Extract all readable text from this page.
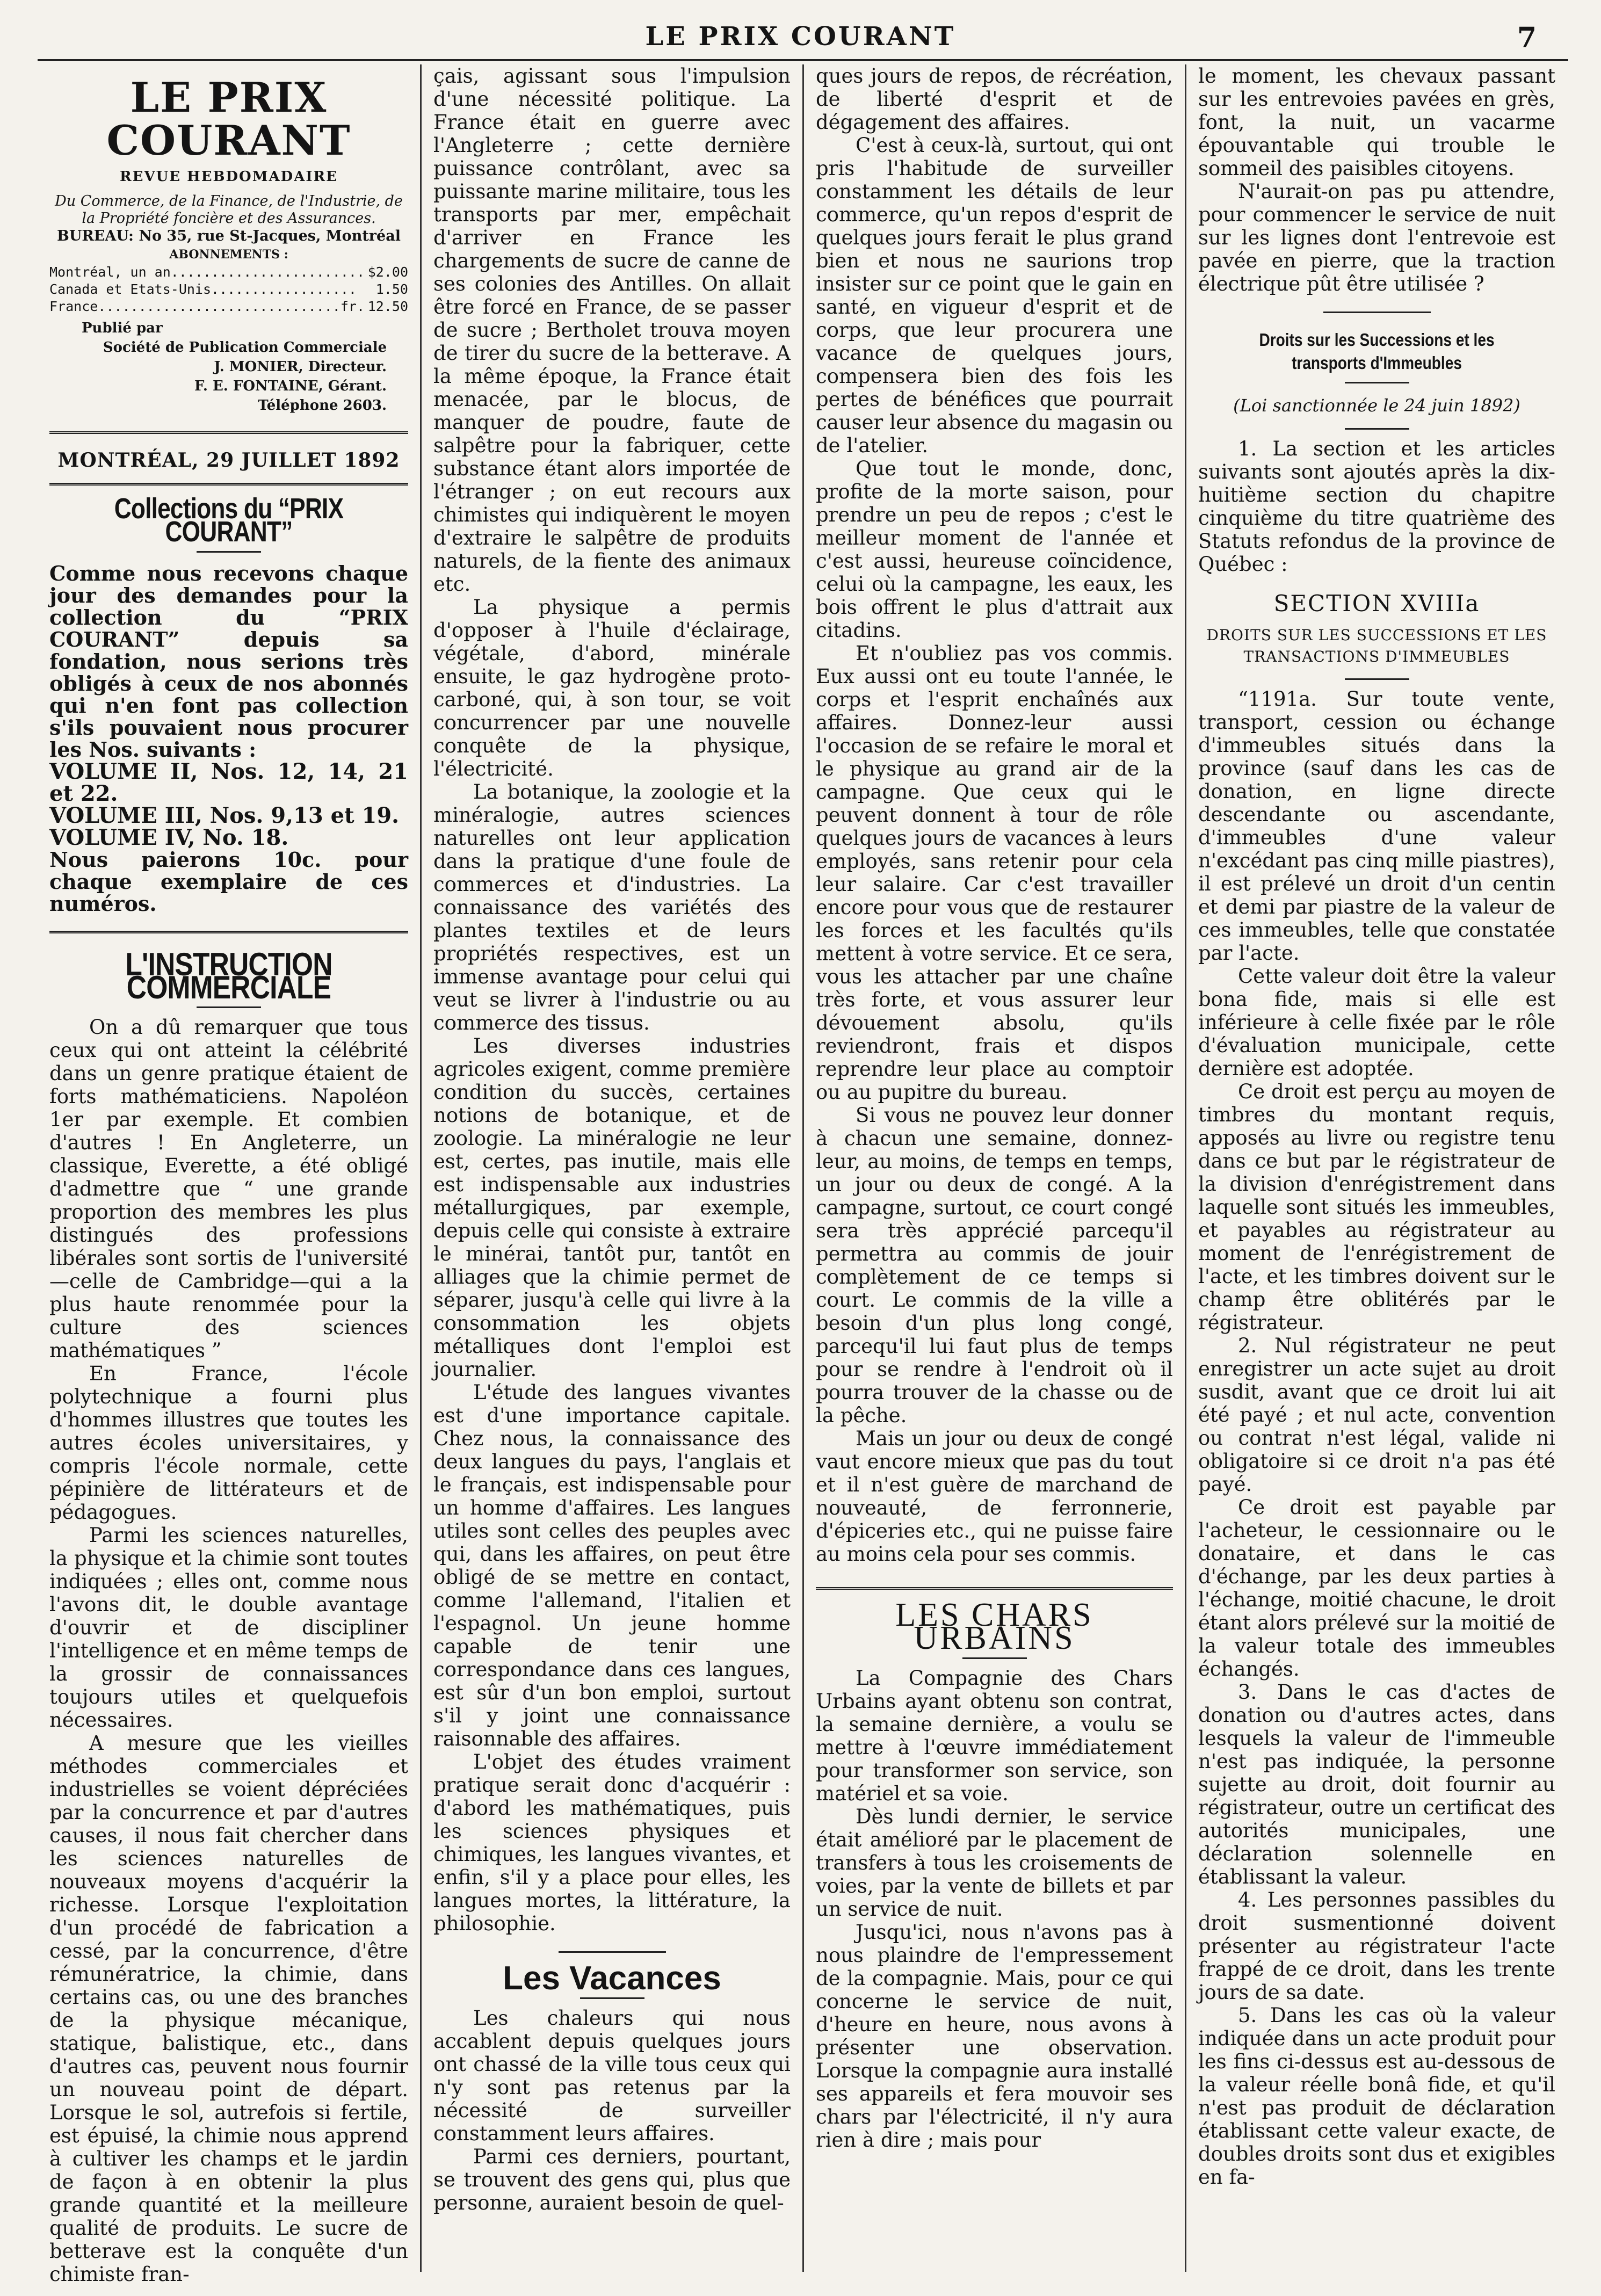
LE PRIX COURANT	7
LE PRIX COURANT
REVUE HEBDOMADAIRE
Du Commerce, de la Finance, de l'Industrie, de la Propriété foncière et des Assurances.
BUREAU: No 35, rue St-Jacques, Montréal
ABONNEMENTS :
Montréal, un an........................ $2.00
Canada et Etats-Unis.................. 1.50
France..............................fr. 12.50
Publié par
Société de Publication Commerciale
J. MONIER, Directeur.
F. E. FONTAINE, Gérant.
Téléphone 2603.
MONTRÉAL, 29 JUILLET 1892
Collections du “PRIX COURANT”
Comme nous recevons chaque jour des demandes pour la collection du “PRIX COURANT” depuis sa fondation, nous serions très obligés à ceux de nos abonnés qui n'en font pas collection s'ils pouvaient nous procurer les Nos. suivants :
VOLUME II, Nos. 12, 14, 21 et 22.
VOLUME III, Nos. 9,13 et 19.
VOLUME IV, No. 18.
Nous paierons 10c. pour chaque exemplaire de ces numéros.
L'INSTRUCTION COMMERCIALE

On a dû remarquer que tous ceux qui ont atteint la célébrité dans un genre pratique étaient de forts mathématiciens. Napoléon 1er par exemple. Et combien d'autres ! En Angleterre, un classique, Everette, a été obligé d'admettre que “ une grande proportion des membres les plus distingués des professions libérales sont sortis de l'université—celle de Cambridge—qui a la plus haute renommée pour la culture des sciences mathématiques ”

En France, l'école polytechnique a fourni plus d'hommes illustres que toutes les autres écoles universitaires, y compris l'école normale, cette pépinière de littérateurs et de pédagogues.

Parmi les sciences naturelles, la physique et la chimie sont toutes indiquées ; elles ont, comme nous l'avons dit, le double avantage d'ouvrir et de discipliner l'intelligence et en même temps de la grossir de connaissances toujours utiles et quelquefois nécessaires.

A mesure que les vieilles méthodes commerciales et industrielles se voient dépréciées par la concurrence et par d'autres causes, il nous fait chercher dans les sciences naturelles de nouveaux moyens d'acquérir la richesse. Lorsque l'exploitation d'un procédé de fabrication a cessé, par la concurrence, d'être rémunératrice, la chimie, dans certains cas, ou une des branches de la physique mécanique, statique, balistique, etc., dans d'autres cas, peuvent nous fournir un nouveau point de départ. Lorsque le sol, autrefois si fertile, est épuisé, la chimie nous apprend à cultiver les champs et le jardin de façon à en obtenir la plus grande quantité et la meilleure qualité de produits. Le sucre de betterave est la conquête d'un chimiste fran-

çais, agissant sous l'impulsion d'une nécessité politique. La France était en guerre avec l'Angleterre ; cette dernière puissance contrôlant, avec sa puissante marine militaire, tous les transports par mer, empêchait d'arriver en France les chargements de sucre de canne de ses colonies des Antilles. On allait être forcé en France, de se passer de sucre ; Bertholet trouva moyen de tirer du sucre de la betterave. A la même époque, la France était menacée, par le blocus, de manquer de poudre, faute de salpêtre pour la fabriquer, cette substance étant alors importée de l'étranger ; on eut recours aux chimistes qui indiquèrent le moyen d'extraire le salpêtre de produits naturels, de la fiente des animaux etc.

La physique a permis d'opposer à l'huile d'éclairage, végétale, d'abord, minérale ensuite, le gaz hydrogène proto-carboné, qui, à son tour, se voit concurrencer par une nouvelle conquête de la physique, l'électricité.

La botanique, la zoologie et la minéralogie, autres sciences naturelles ont leur application dans la pratique d'une foule de commerces et d'industries. La connaissance des variétés des plantes textiles et de leurs propriétés respectives, est un immense avantage pour celui qui veut se livrer à l'industrie ou au commerce des tissus.

Les diverses industries agricoles exigent, comme première condition du succès, certaines notions de botanique, et de zoologie. La minéralogie ne leur est, certes, pas inutile, mais elle est indispensable aux industries métallurgiques, par exemple, depuis celle qui consiste à extraire le minérai, tantôt pur, tantôt en alliages que la chimie permet de séparer, jusqu'à celle qui livre à la consommation les objets métalliques dont l'emploi est journalier.

L'étude des langues vivantes est d'une importance capitale. Chez nous, la connaissance des deux langues du pays, l'anglais et le français, est indispensable pour un homme d'affaires. Les langues utiles sont celles des peuples avec qui, dans les affaires, on peut être obligé de se mettre en contact, comme l'allemand, l'italien et l'espagnol. Un jeune homme capable de tenir une correspondance dans ces langues, est sûr d'un bon emploi, surtout s'il y joint une connaissance raisonnable des affaires.

L'objet des études vraiment pratique serait donc d'acquérir : d'abord les mathématiques, puis les sciences physiques et chimiques, les langues vivantes, et enfin, s'il y a place pour elles, les langues mortes, la littérature, la philosophie.

Les Vacances

Les chaleurs qui nous accablent depuis quelques jours ont chassé de la ville tous ceux qui n'y sont pas retenus par la nécessité de surveiller constamment leurs affaires.

Parmi ces derniers, pourtant, se trouvent des gens qui, plus que personne, auraient besoin de quel-

ques jours de repos, de récréation, de liberté d'esprit et de dégagement des affaires.

C'est à ceux-là, surtout, qui ont pris l'habitude de surveiller constamment les détails de leur commerce, qu'un repos d'esprit de quelques jours ferait le plus grand bien et nous ne saurions trop insister sur ce point que le gain en santé, en vigueur d'esprit et de corps, que leur procurera une vacance de quelques jours, compensera bien des fois les pertes de bénéfices que pourrait causer leur absence du magasin ou de l'atelier.

Que tout le monde, donc, profite de la morte saison, pour prendre un peu de repos ; c'est le meilleur moment de l'année et c'est aussi, heureuse coïncidence, celui où la campagne, les eaux, les bois offrent le plus d'attrait aux citadins.

Et n'oubliez pas vos commis. Eux aussi ont eu toute l'année, le corps et l'esprit enchaînés aux affaires. Donnez-leur aussi l'occasion de se refaire le moral et le physique au grand air de la campagne. Que ceux qui le peuvent donnent à tour de rôle quelques jours de vacances à leurs employés, sans retenir pour cela leur salaire. Car c'est travailler encore pour vous que de restaurer les forces et les facultés qu'ils mettent à votre service. Et ce sera, vous les attacher par une chaîne très forte, et vous assurer leur dévouement absolu, qu'ils reviendront, frais et dispos reprendre leur place au comptoir ou au pupitre du bureau.

Si vous ne pouvez leur donner à chacun une semaine, donnez-leur, au moins, de temps en temps, un jour ou deux de congé. A la campagne, surtout, ce court congé sera très apprécié parcequ'il permettra au commis de jouir complètement de ce temps si court. Le commis de la ville a besoin d'un plus long congé, parcequ'il lui faut plus de temps pour se rendre à l'endroit où il pourra trouver de la chasse ou de la pêche.

Mais un jour ou deux de congé vaut encore mieux que pas du tout et il n'est guère de marchand de nouveauté, de ferronnerie, d'épiceries etc., qui ne puisse faire au moins cela pour ses commis.

LES CHARS URBAINS

La Compagnie des Chars Urbains ayant obtenu son contrat, la semaine dernière, a voulu se mettre à l'œuvre immédiatement pour transformer son service, son matériel et sa voie.

Dès lundi dernier, le service était amélioré par le placement de transfers à tous les croisements de voies, par la vente de billets et par un service de nuit.

Jusqu'ici, nous n'avons pas à nous plaindre de l'empressement de la compagnie. Mais, pour ce qui concerne le service de nuit, d'heure en heure, nous avons à présenter une observation. Lorsque la compagnie aura installé ses appareils et fera mouvoir ses chars par l'électricité, il n'y aura rien à dire ; mais pour

le moment, les chevaux passant sur les entrevoies pavées en grès, font, la nuit, un vacarme épouvantable qui trouble le sommeil des paisibles citoyens.

N'aurait-on pas pu attendre, pour commencer le service de nuit sur les lignes dont l'entrevoie est pavée en pierre, que la traction électrique pût être utilisée ?

Droits sur les Successions et les transports d'Immeubles
(Loi sanctionnée le 24 juin 1892)

1. La section et les articles suivants sont ajoutés après la dix-huitième section du chapitre cinquième du titre quatrième des Statuts refondus de la province de Québec :

SECTION XVIIIa
DROITS SUR LES SUCCESSIONS ET LES TRANSACTIONS D'IMMEUBLES

“1191a. Sur toute vente, transport, cession ou échange d'immeubles situés dans la province (sauf dans les cas de donation, en ligne directe descendante ou ascendante, d'immeubles d'une valeur n'excédant pas cinq mille piastres), il est prélevé un droit d'un centin et demi par piastre de la valeur de ces immeubles, telle que constatée par l'acte.

Cette valeur doit être la valeur bona fide, mais si elle est inférieure à celle fixée par le rôle d'évaluation municipale, cette dernière est adoptée.

Ce droit est perçu au moyen de timbres du montant requis, apposés au livre ou registre tenu dans ce but par le régistrateur de la division d'enrégistrement dans laquelle sont situés les immeubles, et payables au régistrateur au moment de l'enrégistrement de l'acte, et les timbres doivent sur le champ être oblitérés par le régistrateur.

2. Nul régistrateur ne peut enregistrer un acte sujet au droit susdit, avant que ce droit lui ait été payé ; et nul acte, convention ou contrat n'est légal, valide ni obligatoire si ce droit n'a pas été payé.

Ce droit est payable par l'acheteur, le cessionnaire ou le donataire, et dans le cas d'échange, par les deux parties à l'échange, moitié chacune, le droit étant alors prélevé sur la moitié de la valeur totale des immeubles échangés.

3. Dans le cas d'actes de donation ou d'autres actes, dans lesquels la valeur de l'immeuble n'est pas indiquée, la personne sujette au droit, doit fournir au régistrateur, outre un certificat des autorités municipales, une déclaration solennelle en établissant la valeur.

4. Les personnes passibles du droit susmentionné doivent présenter au régistrateur l'acte frappé de ce droit, dans les trente jours de sa date.

5. Dans les cas où la valeur indiquée dans un acte produit pour les fins ci-dessus est au-dessous de la valeur réelle bonâ fide, et qu'il n'est pas produit de déclaration établissant cette valeur exacte, de doubles droits sont dus et exigibles en fa-
